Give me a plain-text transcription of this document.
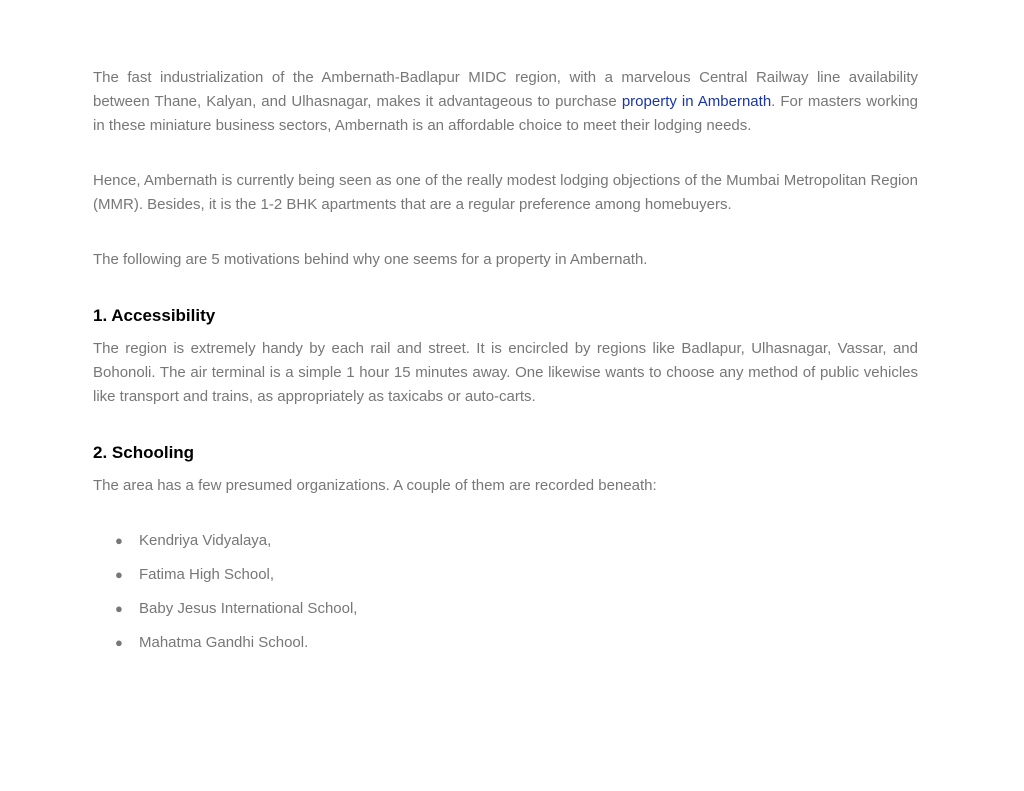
The fast industrialization of the Ambernath-Badlapur MIDC region, with a marvelous Central Railway line availability between Thane, Kalyan, and Ulhasnagar, makes it advantageous to purchase property in Ambernath. For masters working in these miniature business sectors, Ambernath is an affordable choice to meet their lodging needs.

Hence, Ambernath is currently being seen as one of the really modest lodging objections of the Mumbai Metropolitan Region (MMR). Besides, it is the 1-2 BHK apartments that are a regular preference among homebuyers.

The following are 5 motivations behind why one seems for a property in Ambernath.

1. Accessibility

The region is extremely handy by each rail and street. It is encircled by regions like Badlapur, Ulhasnagar, Vassar, and Bohonoli. The air terminal is a simple 1 hour 15 minutes away. One likewise wants to choose any method of public vehicles like transport and trains, as appropriately as taxicabs or auto-carts.

2. Schooling

The area has a few presumed organizations. A couple of them are recorded beneath:

● Kendriya Vidyalaya,
● Fatima High School,
● Baby Jesus International School,
● Mahatma Gandhi School.
